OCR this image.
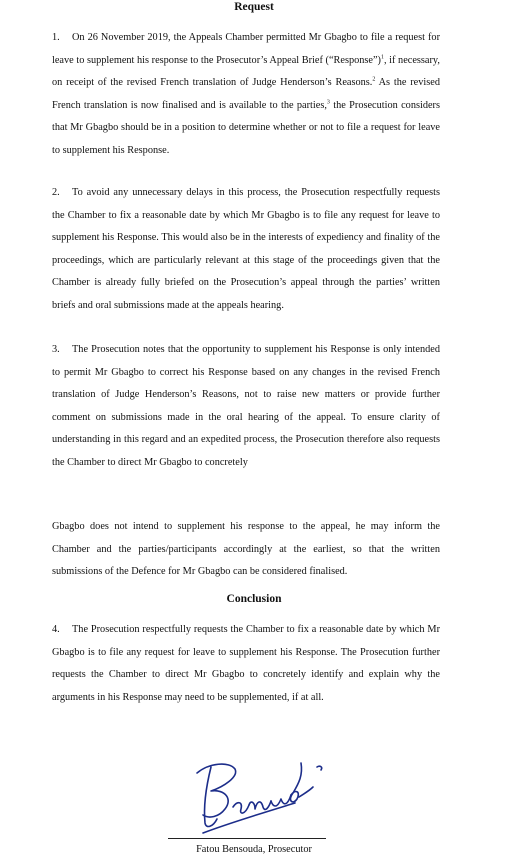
Request
1. On 26 November 2019, the Appeals Chamber permitted Mr Gbagbo to file a request for leave to supplement his response to the Prosecutor’s Appeal Brief (“Response”)$^1$, if necessary, on receipt of the revised French translation of Judge Henderson’s Reasons.$^2$ As the revised French translation is now finalised and is available to the parties,$^3$ the Prosecution considers that Mr Gbagbo should be in a position to determine whether or not to file a request for leave to supplement his Response.
2. To avoid any unnecessary delays in this process, the Prosecution respectfully requests the Chamber to fix a reasonable date by which Mr Gbagbo is to file any request for leave to supplement his Response. This would also be in the interests of expediency and finality of the proceedings, which are particularly relevant at this stage of the proceedings given that the Chamber is already fully briefed on the Prosecution’s appeal through the parties’ written briefs and oral submissions made at the appeals hearing.
3. The Prosecution notes that the opportunity to supplement his Response is only intended to permit Mr Gbagbo to correct his Response based on any changes in the revised French translation of Judge Henderson’s Reasons, not to raise new matters or provide further comment on submissions made in the oral hearing of the appeal. To ensure clarity of understanding in this regard and an expedited process, the Prosecution therefore also requests the Chamber to direct Mr Gbagbo to concretely
Gbagbo does not intend to supplement his response to the appeal, he may inform the Chamber and the parties/participants accordingly at the earliest, so that the written submissions of the Defence for Mr Gbagbo can be considered finalised.
Conclusion
4. The Prosecution respectfully requests the Chamber to fix a reasonable date by which Mr Gbagbo is to file any request for leave to supplement his Response. The Prosecution further requests the Chamber to direct Mr Gbagbo to concretely identify and explain why the arguments in his Response may need to be supplemented, if at all.
Fatou Bensouda, Prosecutor
